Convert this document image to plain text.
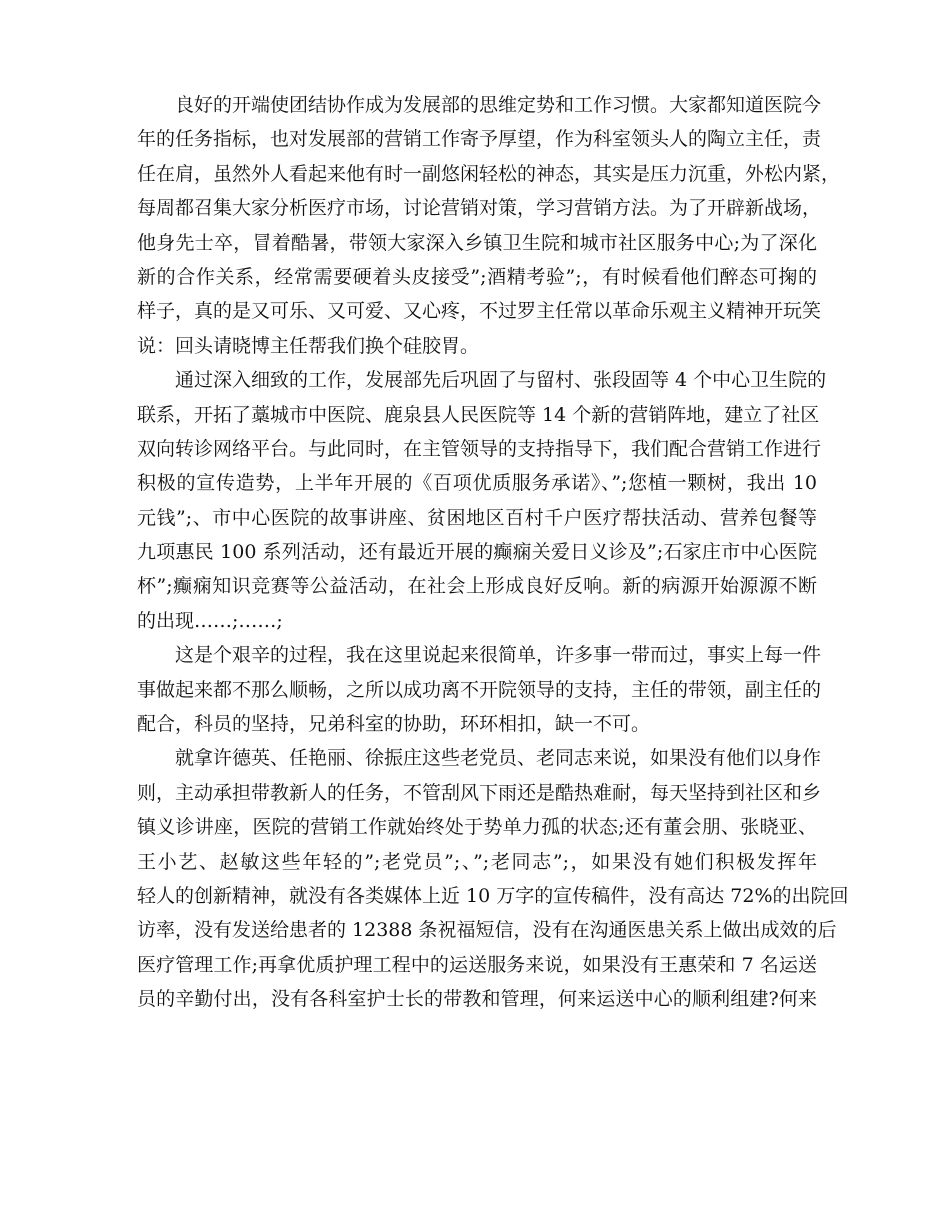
良好的开端使团结协作成为发展部的思维定势和工作习惯。大家都知道医院今
年的任务指标，也对发展部的营销工作寄予厚望，作为科室领头人的陶立主任，责
任在肩，虽然外人看起来他有时一副悠闲轻松的神态，其实是压力沉重，外松内紧，
每周都召集大家分析医疗市场，讨论营销对策，学习营销方法。为了开辟新战场，
他身先士卒，冒着酷暑，带领大家深入乡镇卫生院和城市社区服务中心;为了深化
新的合作关系，经常需要硬着头皮接受”;酒精考验”;，有时候看他们醉态可掬的
样子，真的是又可乐、又可爱、又心疼，不过罗主任常以革命乐观主义精神开玩笑
说：回头请晓博主任帮我们换个硅胶胃。
通过深入细致的工作，发展部先后巩固了与留村、张段固等 4 个中心卫生院的
联系，开拓了藁城市中医院、鹿泉县人民医院等 14 个新的营销阵地，建立了社区
双向转诊网络平台。与此同时，在主管领导的支持指导下，我们配合营销工作进行
积极的宣传造势，上半年开展的《百项优质服务承诺》、”;您植一颗树，我出 10
元钱”;、市中心医院的故事讲座、贫困地区百村千户医疗帮扶活动、营养包餐等
九项惠民 100 系列活动，还有最近开展的癫痫关爱日义诊及”;石家庄市中心医院
杯”;癫痫知识竞赛等公益活动，在社会上形成良好反响。新的病源开始源源不断
的出现……;……;
这是个艰辛的过程，我在这里说起来很简单，许多事一带而过，事实上每一件
事做起来都不那么顺畅，之所以成功离不开院领导的支持，主任的带领，副主任的
配合，科员的坚持，兄弟科室的协助，环环相扣，缺一不可。
就拿许德英、任艳丽、徐振庄这些老党员、老同志来说，如果没有他们以身作
则，主动承担带教新人的任务，不管刮风下雨还是酷热难耐，每天坚持到社区和乡
镇义诊讲座，医院的营销工作就始终处于势单力孤的状态;还有董会朋、张晓亚、
王小艺、赵敏这些年轻的”;老党员”;、”;老同志”;，如果没有她们积极发挥年
轻人的创新精神，就没有各类媒体上近 10 万字的宣传稿件，没有高达 72%的出院回
访率，没有发送给患者的 12388 条祝福短信，没有在沟通医患关系上做出成效的后
医疗管理工作;再拿优质护理工程中的运送服务来说，如果没有王惠荣和 7 名运送
员的辛勤付出，没有各科室护士长的带教和管理，何来运送中心的顺利组建?何来
